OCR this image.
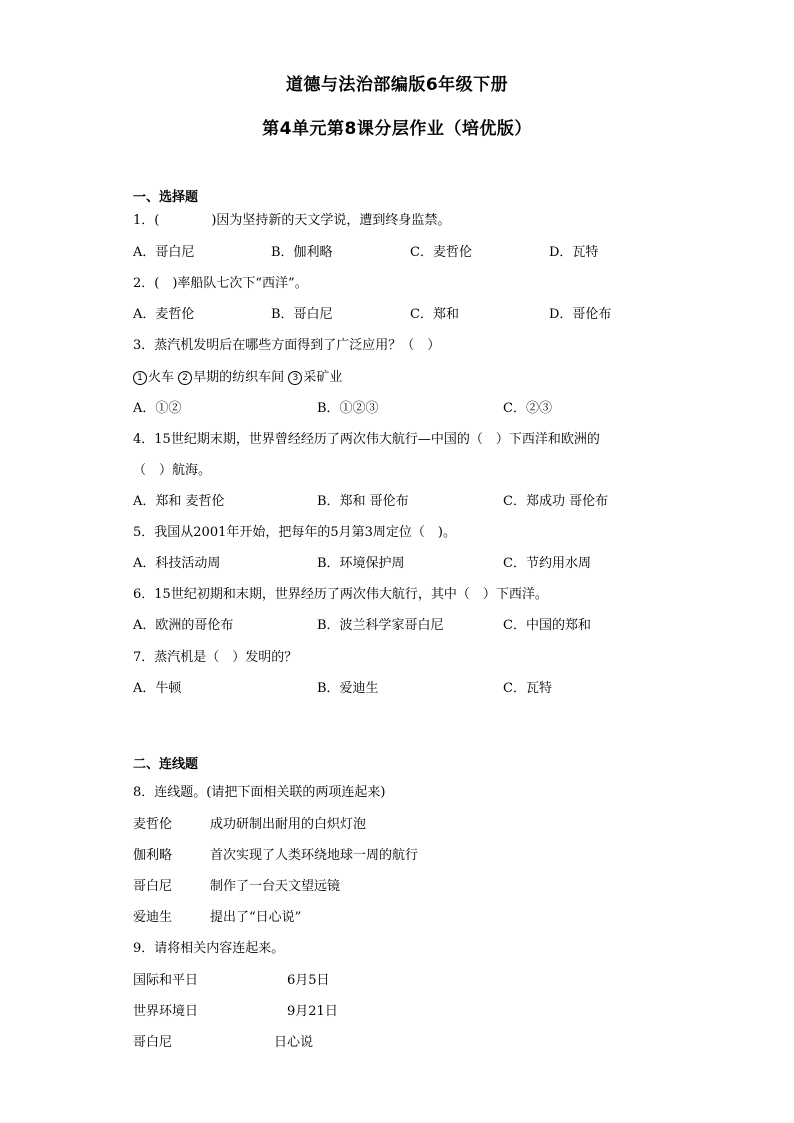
道德与法治部编版6年级下册
第4单元第8课分层作业（培优版）
一、选择题
1．(　　　　)因为坚持新的天文学说，遭到终身监禁。
A．哥白尼	B．伽利略	C．麦哲伦	D．瓦特
2．(　)率船队七次下“西洋”。
A．麦哲伦	B．哥白尼	C．郑和	D．哥伦布
3．蒸汽机发明后在哪些方面得到了广泛应用？（　）
1 火车 2 早期的纺织车间 3 采矿业
A．①②	B．①②③	C．②③
4．15世纪期末期，世界曾经经历了两次伟大航行—中国的（　）下西洋和欧洲的
（　）航海。
A．郑和 麦哲伦	B．郑和 哥伦布	C．郑成功 哥伦布
5．我国从2001年开始，把每年的5月第3周定位（　)。
A．科技活动周	B．环境保护周	C．节约用水周
6．15世纪初期和末期，世界经历了两次伟大航行，其中（　）下西洋。
A．欧洲的哥伦布	B．波兰科学家哥白尼	C．中国的郑和
7．蒸汽机是（　）发明的？
A．牛顿	B．爱迪生	C．瓦特
二、连线题
8．连线题。(请把下面相关联的两项连起来)
麦哲伦	成功研制出耐用的白炽灯泡
伽利略	首次实现了人类环绕地球一周的航行
哥白尼	制作了一台天文望远镜
爱迪生	提出了“日心说”
9．请将相关内容连起来。
国际和平日	6月5日
世界环境日	9月21日
哥白尼	日心说
